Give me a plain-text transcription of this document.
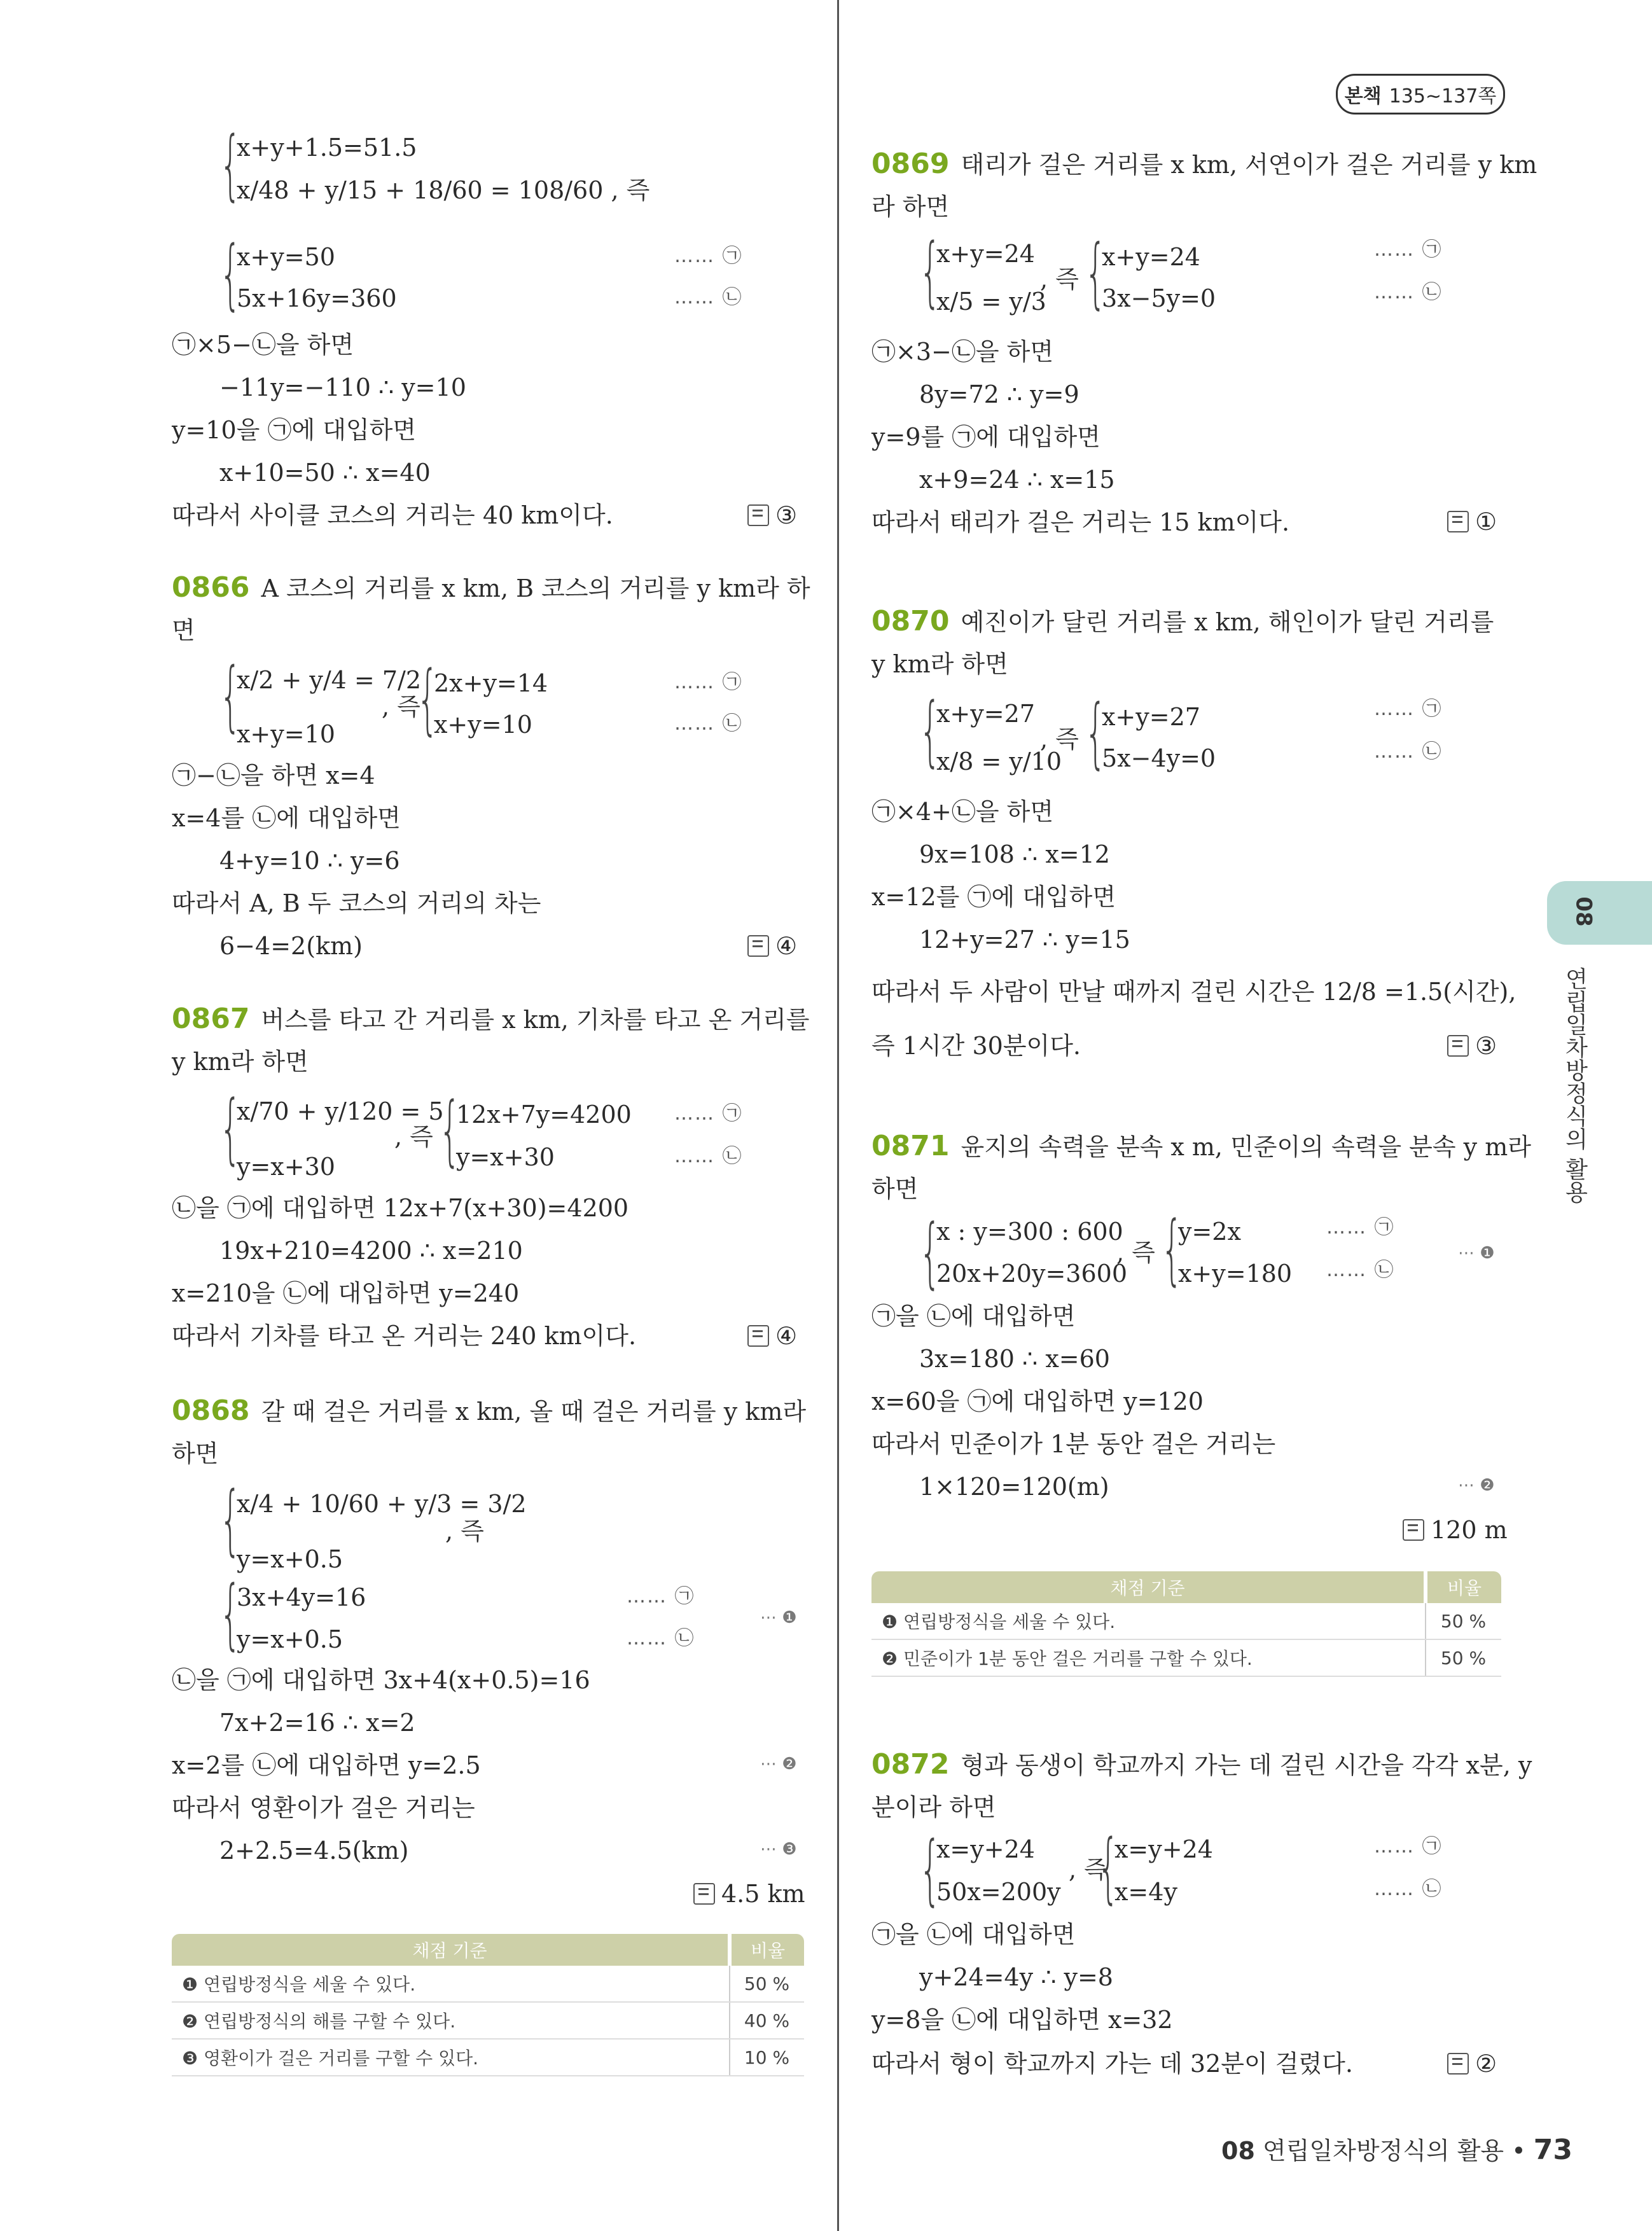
본책 135∼137쪽
{
x+y+1.5=51.5
x/48 + y/15 + 18/60 = 108/60 , 즉
{
x+y=50	…… ㉠
5x+16y=360	…… ㉡
㉠×5−㉡을 하면
−11y=−110 ∴ y=10
y=10을 ㉠에 대입하면
x+10=50 ∴ x=40
따라서 사이클 코스의 거리는 40 km이다.	③
0866 A 코스의 거리를 x km, B 코스의 거리를 y km라 하
면
{
x/2 + y/4 = 7/2
x+y=10
, 즉
{
2x+y=14	…… ㉠
x+y=10	…… ㉡
㉠−㉡을 하면 x=4
x=4를 ㉡에 대입하면
4+y=10 ∴ y=6
따라서 A, B 두 코스의 거리의 차는
6−4=2(km)	④
0867 버스를 타고 간 거리를 x km, 기차를 타고 온 거리를
y km라 하면
{
x/70 + y/120 = 5
y=x+30
, 즉 {
12x+7y=4200 …… ㉠
y=x+30	…… ㉡
㉡을 ㉠에 대입하면 12x+7(x+30)=4200
19x+210=4200 ∴ x=210
x=210을 ㉡에 대입하면 y=240
따라서 기차를 타고 온 거리는 240 km이다.	④
0868 갈 때 걸은 거리를 x km, 올 때 걸은 거리를 y km라
하면
{
x/4 + 10/60 + y/3 = 3/2
y=x+0.5
, 즉
{
3x+4y=16	…… ㉠
y=x+0.5	…… ㉡
⋯ ❶
㉡을 ㉠에 대입하면 3x+4(x+0.5)=16
7x+2=16 ∴ x=2
x=2를 ㉡에 대입하면 y=2.5	⋯ ❷
따라서 영환이가 걸은 거리는
2+2.5=4.5(km)	⋯ ❸
4.5 km
채점 기준	비율
❶ 연립방정식을 세울 수 있다.	50 %
❷ 연립방정식의 해를 구할 수 있다.	40 %
❸ 영환이가 걸은 거리를 구할 수 있다.	10 %
0869 태리가 걸은 거리를 x km, 서연이가 걸은 거리를 y km
라 하면
{
x+y=24
x/5 = y/3
, 즉 {
x+y=24	…… ㉠
3x−5y=0	…… ㉡
㉠×3−㉡을 하면
8y=72 ∴ y=9
y=9를 ㉠에 대입하면
x+9=24 ∴ x=15
따라서 태리가 걸은 거리는 15 km이다.	①
0870 예진이가 달린 거리를 x km, 해인이가 달린 거리를
y km라 하면
{
x+y=27
x/8 = y/10
, 즉 {
x+y=27	…… ㉠
5x−4y=0	…… ㉡
㉠×4+㉡을 하면
9x=108 ∴ x=12
x=12를 ㉠에 대입하면
12+y=27 ∴ y=15
따라서 두 사람이 만날 때까지 걸린 시간은 12/8 =1.5(시간),
즉 1시간 30분이다.	③
0871 윤지의 속력을 분속 x m, 민준이의 속력을 분속 y m라
하면
{
x : y=300 : 600
20x+20y=3600
, 즉 {
y=2x	…… ㉠
x+y=180 …… ㉡
⋯ ❶
㉠을 ㉡에 대입하면
3x=180 ∴ x=60
x=60을 ㉠에 대입하면 y=120
따라서 민준이가 1분 동안 걸은 거리는
1×120=120(m)	⋯ ❷
120 m
채점 기준	비율
❶ 연립방정식을 세울 수 있다.	50 %
❷ 민준이가 1분 동안 걸은 거리를 구할 수 있다.	50 %
0872 형과 동생이 학교까지 가는 데 걸린 시간을 각각 x분, y
분이라 하면
{
x=y+24
50x=200y
, 즉
{
x=y+24	…… ㉠
x=4y	…… ㉡
㉠을 ㉡에 대입하면
y+24=4y ∴ y=8
y=8을 ㉡에 대입하면 x=32
따라서 형이 학교까지 가는 데 32분이 걸렸다.	②
08
연립일차방정식의 활용
08 연립일차방정식의 활용 • 73
